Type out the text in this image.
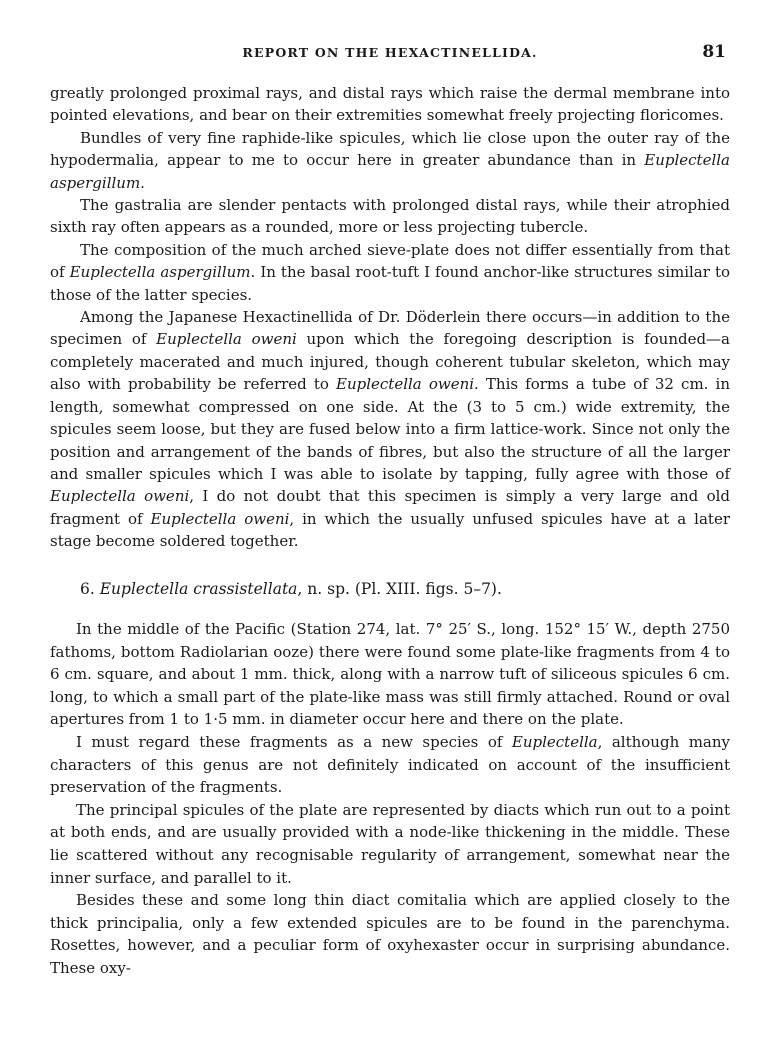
REPORT ON THE HEXACTINELLIDA.	81

greatly prolonged proximal rays, and distal rays which raise the dermal membrane into pointed elevations, and bear on their extremities somewhat freely projecting floricomes.

Bundles of very fine raphide-like spicules, which lie close upon the outer ray of the hypodermalia, appear to me to occur here in greater abundance than in Euplectella aspergillum.

The gastralia are slender pentacts with prolonged distal rays, while their atrophied sixth ray often appears as a rounded, more or less projecting tubercle.

The composition of the much arched sieve-plate does not differ essentially from that of Euplectella aspergillum. In the basal root-tuft I found anchor-like structures similar to those of the latter species.

Among the Japanese Hexactinellida of Dr. Döderlein there occurs—in addition to the specimen of Euplectella oweni upon which the foregoing description is founded—a completely macerated and much injured, though coherent tubular skeleton, which may also with probability be referred to Euplectella oweni. This forms a tube of 32 cm. in length, somewhat compressed on one side. At the (3 to 5 cm.) wide extremity, the spicules seem loose, but they are fused below into a firm lattice-work. Since not only the position and arrangement of the bands of fibres, but also the structure of all the larger and smaller spicules which I was able to isolate by tapping, fully agree with those of Euplectella oweni, I do not doubt that this specimen is simply a very large and old fragment of Euplectella oweni, in which the usually unfused spicules have at a later stage become soldered together.

6. Euplectella crassistellata, n. sp. (Pl. XIII. figs. 5–7).

In the middle of the Pacific (Station 274, lat. 7° 25′ S., long. 152° 15′ W., depth 2750 fathoms, bottom Radiolarian ooze) there were found some plate-like fragments from 4 to 6 cm. square, and about 1 mm. thick, along with a narrow tuft of siliceous spicules 6 cm. long, to which a small part of the plate-like mass was still firmly attached. Round or oval apertures from 1 to 1·5 mm. in diameter occur here and there on the plate.

I must regard these fragments as a new species of Euplectella, although many characters of this genus are not definitely indicated on account of the insufficient preservation of the fragments.

The principal spicules of the plate are represented by diacts which run out to a point at both ends, and are usually provided with a node-like thickening in the middle. These lie scattered without any recognisable regularity of arrangement, somewhat near the inner surface, and parallel to it.

Besides these and some long thin diact comitalia which are applied closely to the thick principalia, only a few extended spicules are to be found in the parenchyma. Rosettes, however, and a peculiar form of oxyhexaster occur in surprising abundance. These oxy-
